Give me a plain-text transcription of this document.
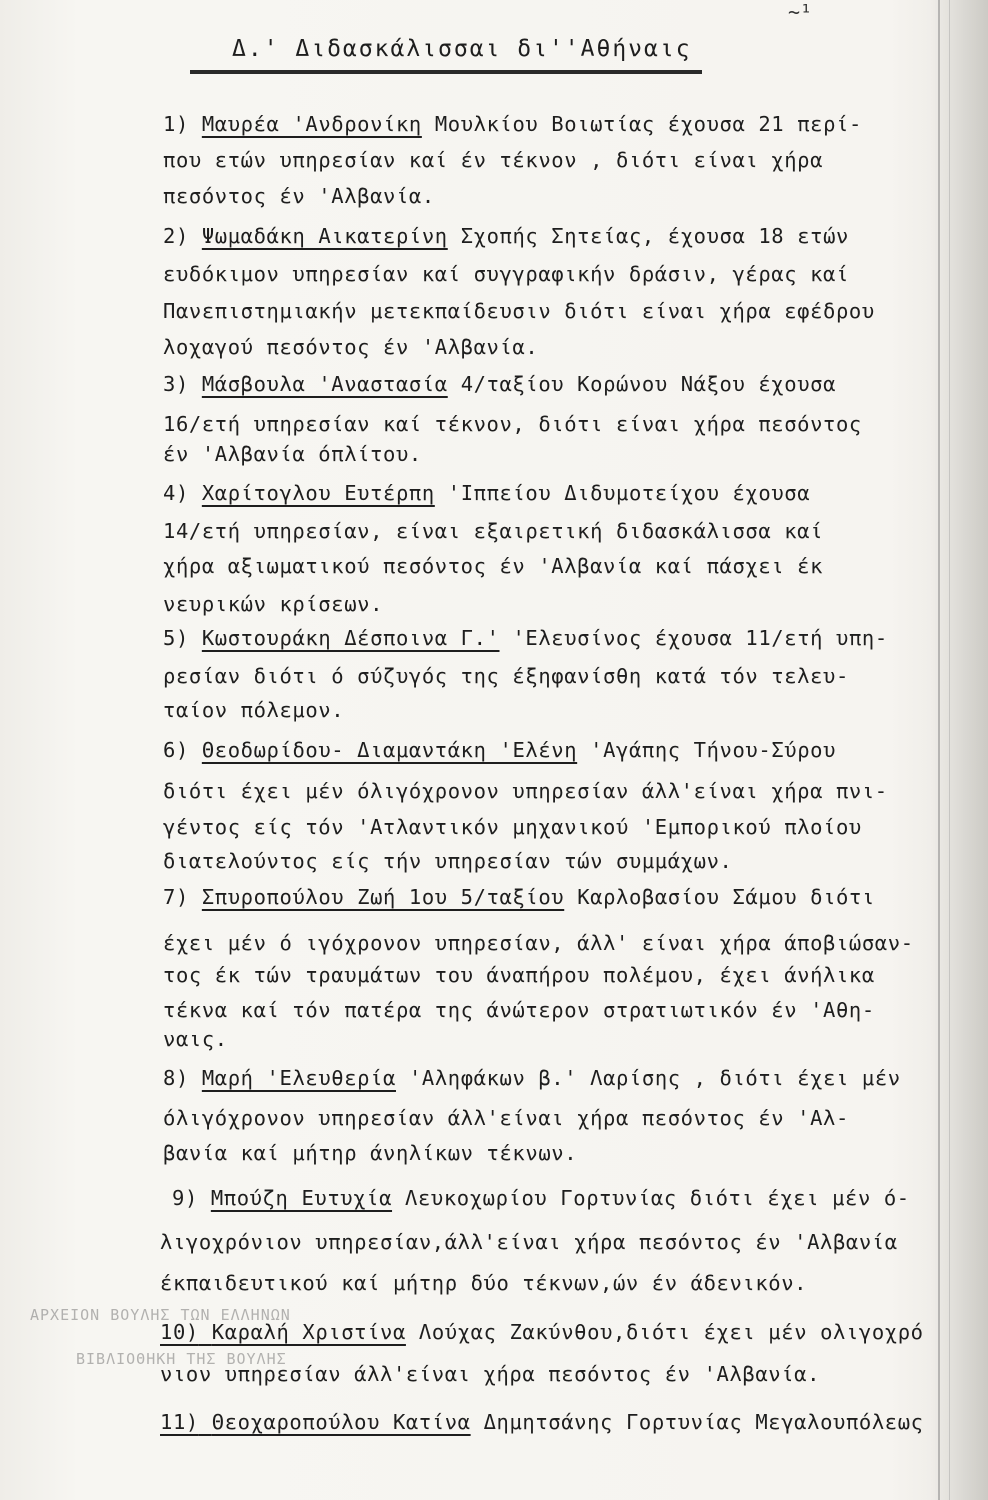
~¹
Δ.' Διδασκάλισσαι δι''Αθήναις
1) Μαυρέα 'Ανδρονίκη Μουλκίου Βοιωτίας έχουσα 21 περί-
που ετών υπηρεσίαν καί έν τέκνον , διότι είναι χήρα
πεσόντος έν 'Αλβανία.
2) Ψωμαδάκη Αικατερίνη Σχοπής Σητείας, έχουσα 18 ετών
ευδόκιμον υπηρεσίαν καί συγγραφικήν δράσιν, γέρας καί
Πανεπιστημιακήν μετεκπαίδευσιν διότι είναι χήρα εφέδρου
λοχαγού πεσόντος έν 'Αλβανία.
3) Μάσβουλα 'Αναστασία 4/ταξίου Κορώνου Νάξου έχουσα
16/ετή υπηρεσίαν καί τέκνον, διότι είναι χήρα πεσόντος
έν 'Αλβανία όπλίτου.
4) Χαρίτογλου Ευτέρπη 'Ιππείου Διδυμοτείχου έχουσα
14/ετή υπηρεσίαν, είναι εξαιρετική διδασκάλισσα καί
χήρα αξιωματικού πεσόντος έν 'Αλβανία καί πάσχει έκ
νευρικών κρίσεων.
5) Κωστουράκη Δέσποινα Γ.' 'Ελευσίνος έχουσα 11/ετή υπη-
ρεσίαν διότι ό σύζυγός της έξηφανίσθη κατά τόν τελευ-
ταίον πόλεμον.
6) Θεοδωρίδου- Διαμαντάκη 'Ελένη 'Αγάπης Τήνου-Σύρου
διότι έχει μέν όλιγόχρονον υπηρεσίαν άλλ'είναι χήρα πνι-
γέντος είς τόν 'Ατλαντικόν μηχανικού 'Εμπορικού πλοίου
διατελούντος είς τήν υπηρεσίαν τών συμμάχων.
7) Σπυροπούλου Ζωή 1ου 5/ταξίου Καρλοβασίου Σάμου διότι
έχει μέν ό ιγόχρονον υπηρεσίαν, άλλ' είναι χήρα άποβιώσαν-
τος έκ τών τραυμάτων του άναπήρου πολέμου, έχει άνήλικα
τέκνα καί τόν πατέρα της άνώτερον στρατιωτικόν έν 'Αθη-
ναις.
8) Μαρή 'Ελευθερία 'Αληφάκων β.' Λαρίσης , διότι έχει μέν
όλιγόχρονον υπηρεσίαν άλλ'είναι χήρα πεσόντος έν 'Αλ-
βανία καί μήτηρ άνηλίκων τέκνων.
9) Μπούζη Ευτυχία Λευκοχωρίου Γορτυνίας διότι έχει μέν ό-
λιγοχρόνιον υπηρεσίαν,άλλ'είναι χήρα πεσόντος έν 'Αλβανία
έκπαιδευτικού καί μήτηρ δύο τέκνων,ών έν άδενικόν.
10) Καραλή Χριστίνα Λούχας Ζακύνθου,διότι έχει μέν ολιγοχρό
νιον υπηρεσίαν άλλ'είναι χήρα πεσόντος έν 'Αλβανία.
11) Θεοχαροπούλου Κατίνα Δημητσάνης Γορτυνίας Μεγαλουπόλεως
ΑΡΧΕΙΟΝ ΒΟΥΛΗΣ ΤΩΝ ΕΛΛΗΝΩΝ
ΒΙΒΛΙΟΘΗΚΗ ΤΗΣ ΒΟΥΛΗΣ
